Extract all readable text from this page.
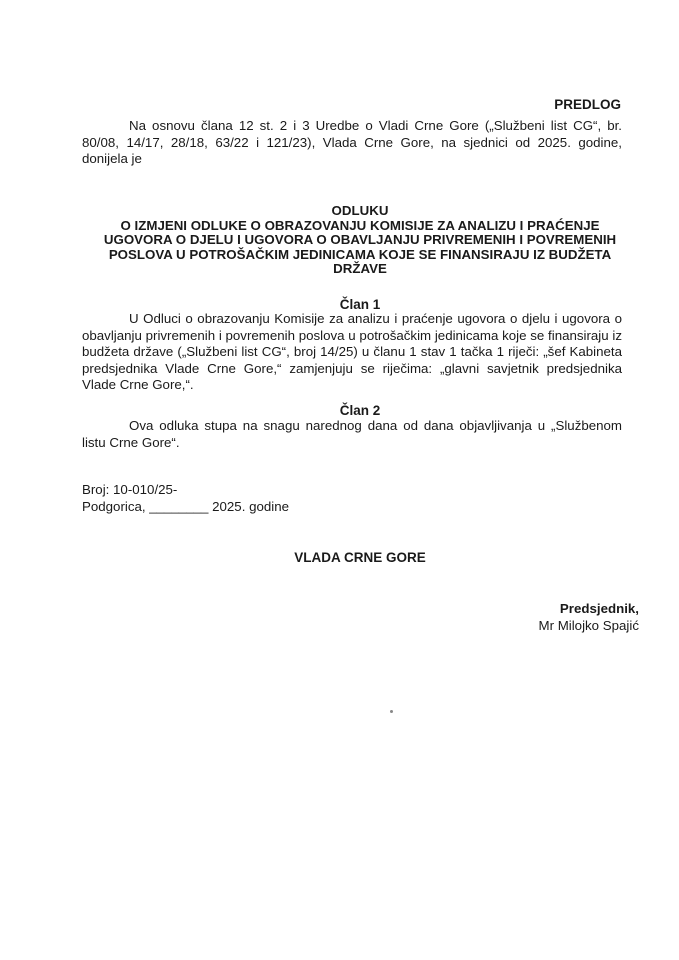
PREDLOG
Na osnovu člana 12 st. 2 i 3 Uredbe o Vladi Crne Gore („Službeni list CG“, br. 80/08, 14/17, 28/18, 63/22 i 121/23), Vlada Crne Gore, na sjednici od 2025. godine, donijela je
ODLUKU
O IZMJENI ODLUKE O OBRAZOVANJU KOMISIJE ZA ANALIZU I PRAĆENJE
UGOVORA O DJELU I UGOVORA O OBAVLJANJU PRIVREMENIH I POVREMENIH
POSLOVA U POTROŠAČKIM JEDINICAMA KOJE SE FINANSIRAJU IZ BUDŽETA
DRŽAVE
Član 1
U Odluci o obrazovanju Komisije za analizu i praćenje ugovora o djelu i ugovora o obavljanju privremenih i povremenih poslova u potrošačkim jedinicama koje se finansiraju iz budžeta države („Službeni list CG“, broj 14/25) u članu 1 stav 1 tačka 1 riječi: „šef Kabineta predsjednika Vlade Crne Gore,“ zamjenjuju se riječima: „glavni savjetnik predsjednika Vlade Crne Gore,“.
Član 2
Ova odluka stupa na snagu narednog dana od dana objavljivanja u „Službenom listu Crne Gore“.
Broj: 10-010/25-
Podgorica, ________ 2025. godine
VLADA CRNE GORE
Predsjednik,
Mr Milojko Spajić
